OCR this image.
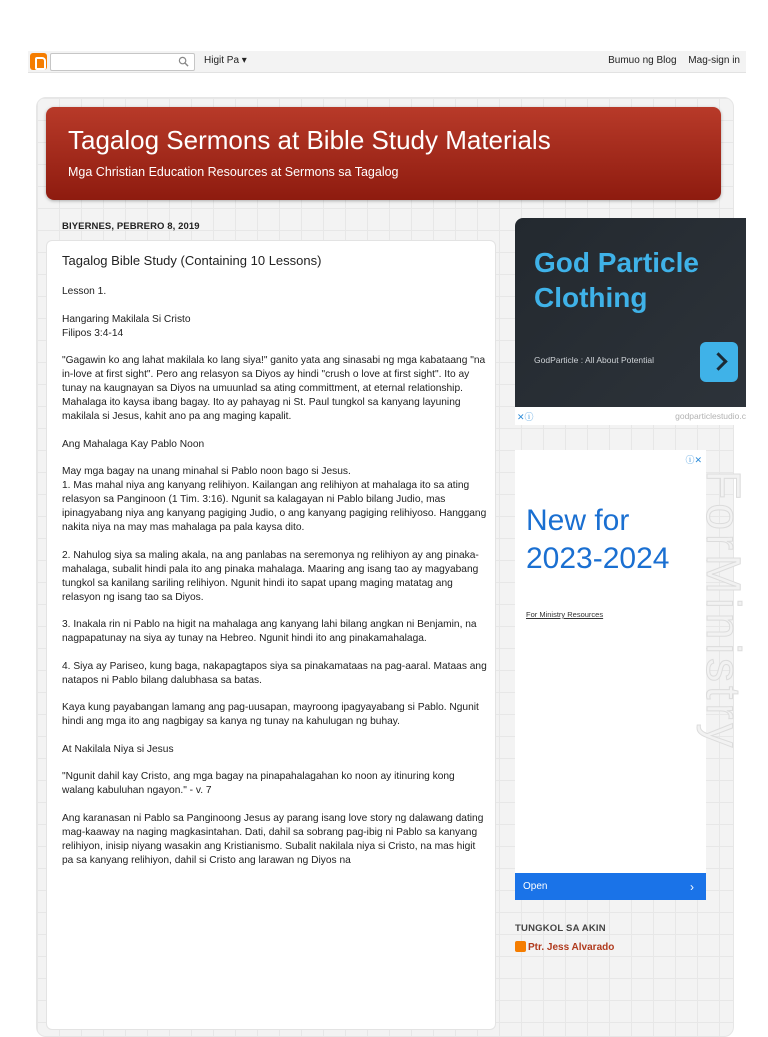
Higit Pa ▾	Bumuo ng Blog Mag-sign in
Tagalog Sermons at Bible Study Materials
Mga Christian Education Resources at Sermons sa Tagalog
BIYERNES, PEBRERO 8, 2019
Tagalog Bible Study (Containing 10 Lessons)

Lesson 1.

Hangaring Makilala Si Cristo
Filipos 3:4-14

"Gagawin ko ang lahat makilala ko lang siya!" ganito yata ang sinasabi ng mga kabataang "na in-love at first sight". Pero ang relasyon sa Diyos ay hindi "crush o love at first sight". Ito ay tunay na kaugnayan sa Diyos na umuunlad sa ating committment, at eternal relationship. Mahalaga ito kaysa ibang bagay. Ito ay pahayag ni St. Paul tungkol sa kanyang layuning makilala si Jesus, kahit ano pa ang maging kapalit.

Ang Mahalaga Kay Pablo Noon

May mga bagay na unang minahal si Pablo noon bago si Jesus.
1. Mas mahal niya ang kanyang relihiyon. Kailangan ang relihiyon at mahalaga ito sa ating relasyon sa Panginoon (1 Tim. 3:16). Ngunit sa kalagayan ni Pablo bilang Judio, mas ipinagyabang niya ang kanyang pagiging Judio, o ang kanyang pagiging relihiyoso. Hanggang nakita niya na may mas mahalaga pa pala kaysa dito.

2. Nahulog siya sa maling akala, na ang panlabas na seremonya ng relihiyon ay ang pinaka-mahalaga, subalit hindi pala ito ang pinaka mahalaga. Maaring ang isang tao ay magyabang tungkol sa kanilang sariling relihiyon. Ngunit hindi ito sapat upang maging matatag ang relasyon ng isang tao sa Diyos.

3. Inakala rin ni Pablo na higit na mahalaga ang kanyang lahi bilang angkan ni Benjamin, na nagpapatunay na siya ay tunay na Hebreo. Ngunit hindi ito ang pinakamahalaga.

4. Siya ay Pariseo, kung baga, nakapagtapos siya sa pinakamataas na pag-aaral. Mataas ang natapos ni Pablo bilang dalubhasa sa batas.

Kaya kung payabangan lamang ang pag-uusapan, mayroong ipagyayabang si Pablo. Ngunit hindi ang mga ito ang nagbigay sa kanya ng tunay na kahulugan ng buhay.

At Nakilala Niya si Jesus

"Ngunit dahil kay Cristo, ang mga bagay na pinapahalagahan ko noon ay itinuring kong walang kabuluhan ngayon." - v. 7

Ang karanasan ni Pablo sa Panginoong Jesus ay parang isang love story ng dalawang dating mag-kaaway na naging magkasintahan. Dati, dahil sa sobrang pag-ibig ni Pablo sa kanyang relihiyon, inisip niyang wasakin ang Kristianismo. Subalit nakilala niya si Cristo, na mas higit pa sa kanyang relihiyon, dahil si Cristo ang larawan ng Diyos na

God Particle Clothing
GodParticle : All About Potential
✕ⓘ	godparticlestudio.c
ForMinistry
ⓘ✕
New for 2023-2024
For Ministry Resources
Open	›
TUNGKOL SA AKIN
Ptr. Jess Alvarado
